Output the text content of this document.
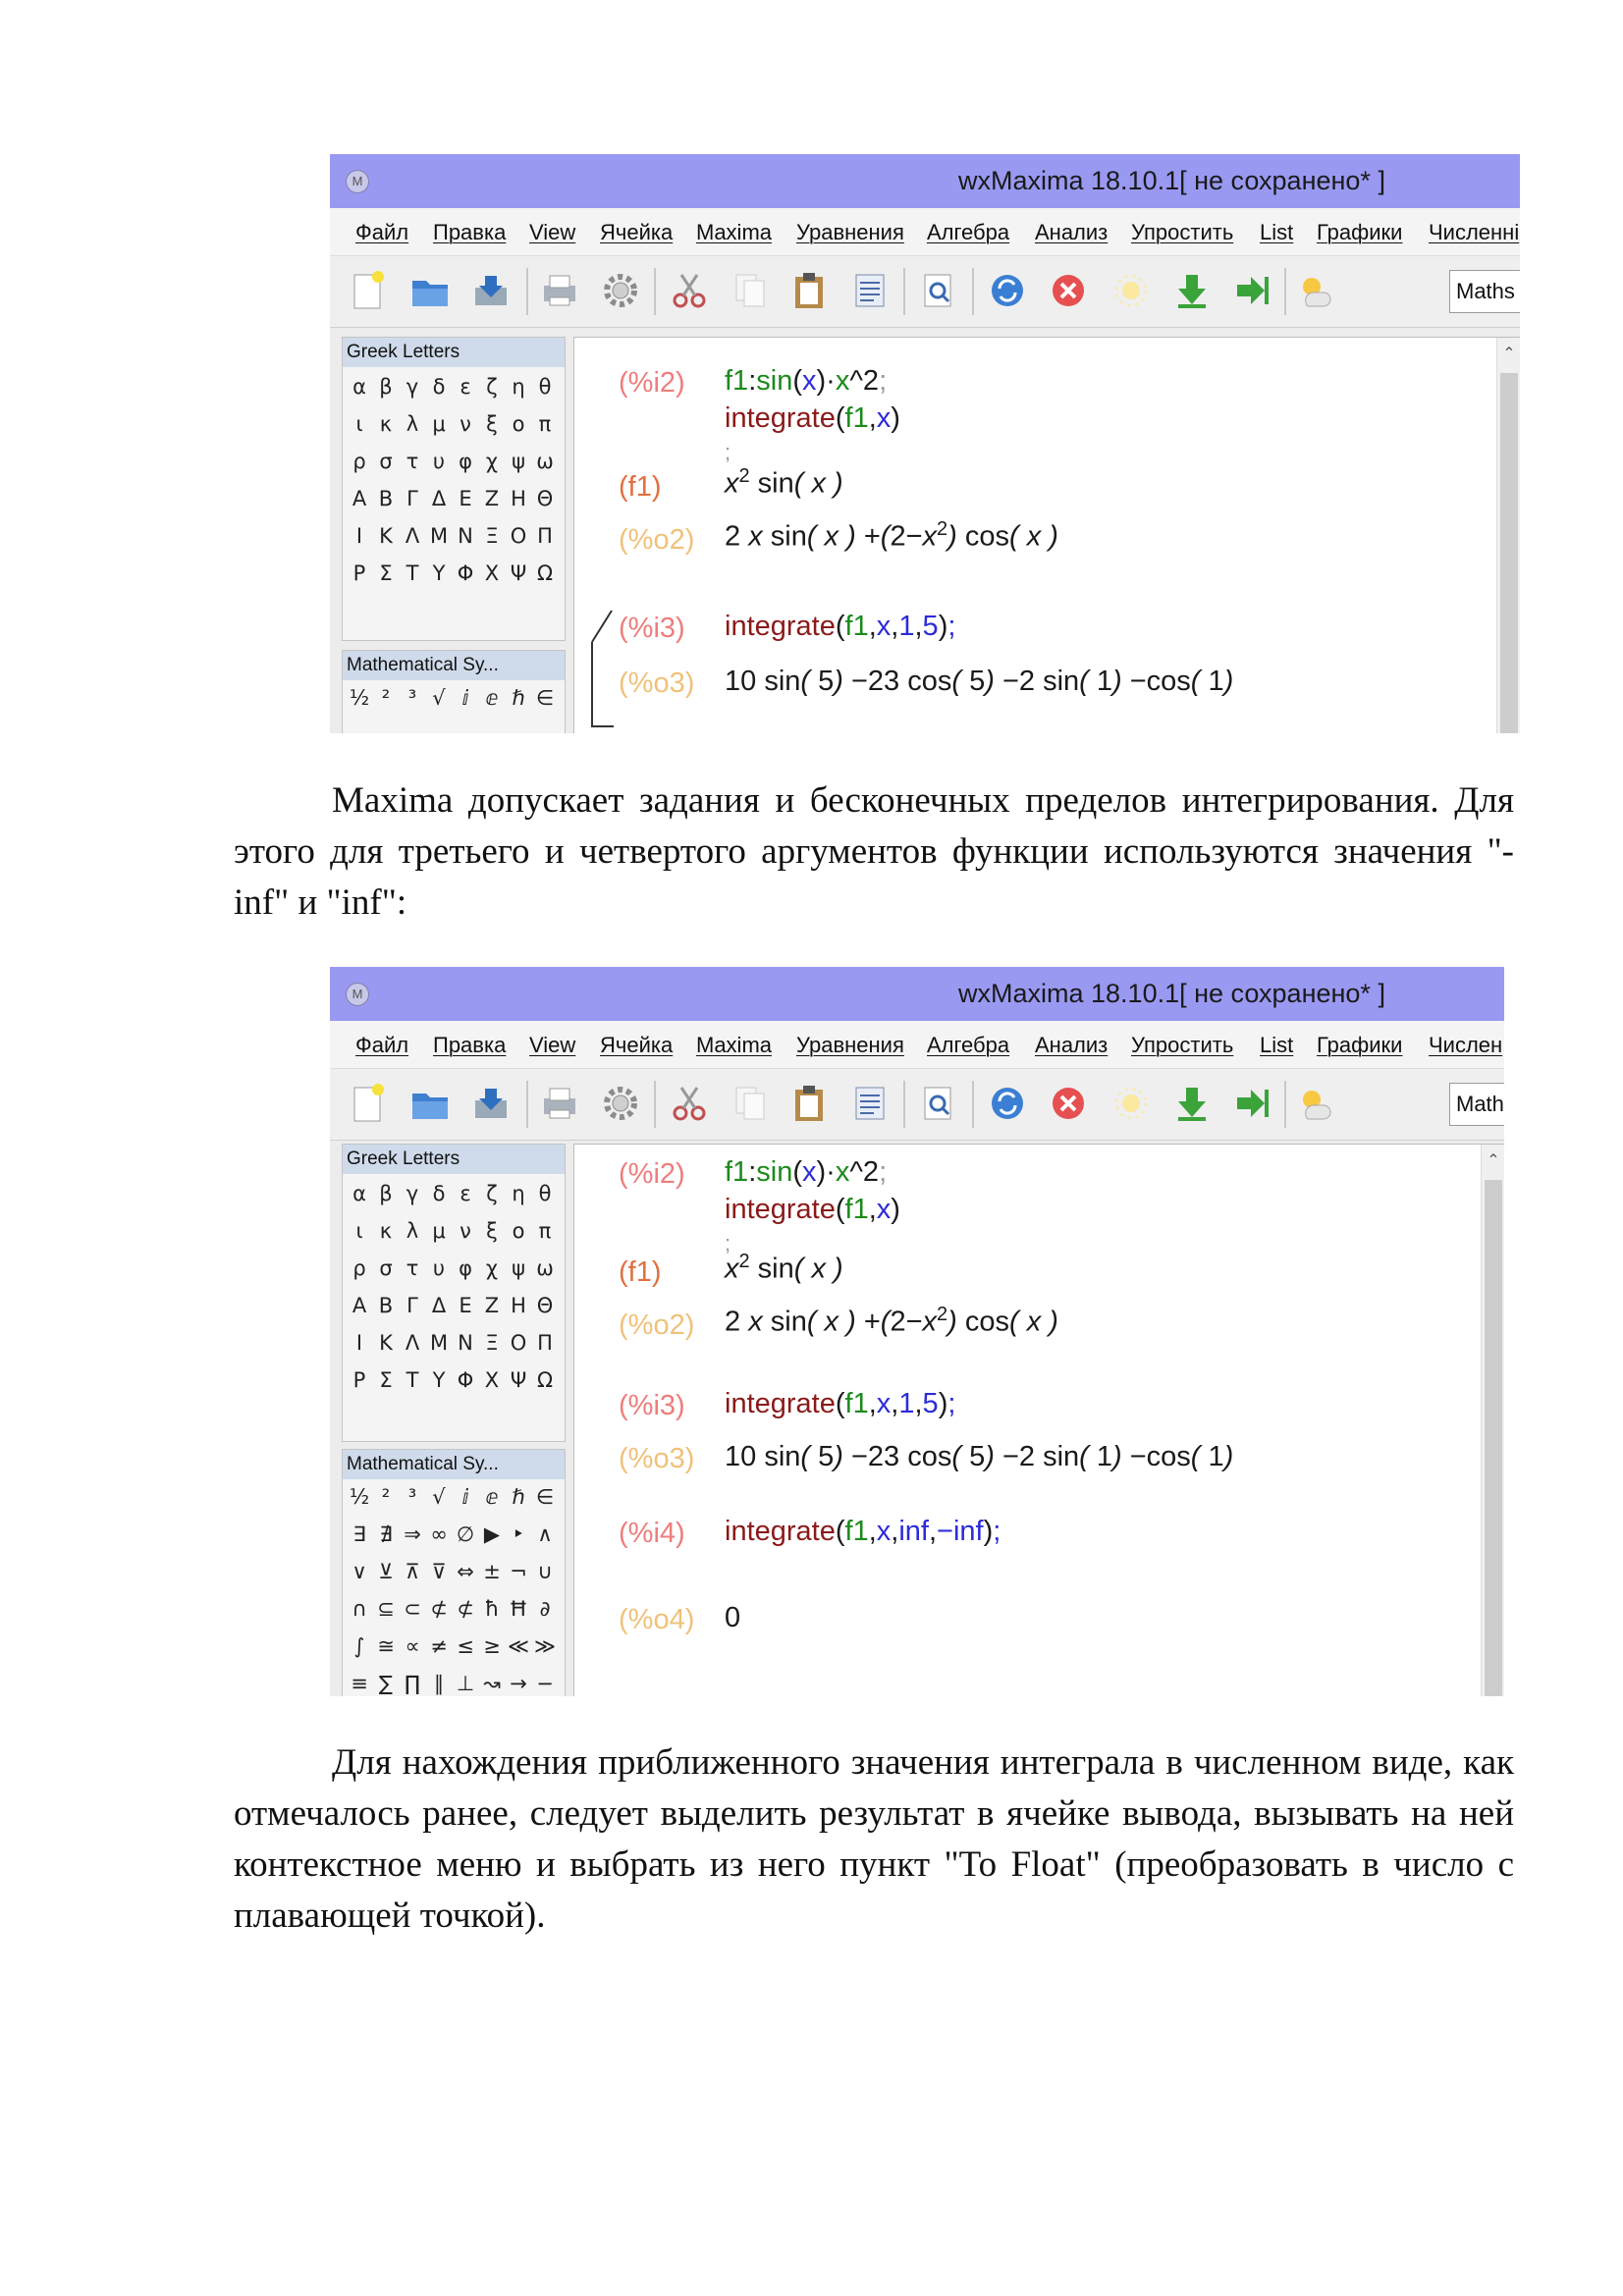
M	wxMaxima 18.10.1[ не сохранено* ]
Файл Правка View Ячейка Maxima Уравнения Алгебра Анализ Упростить List Графики Численні
Maths
Greek Letters
α β γ δ ε ζ η θ
ι κ λ μ ν ξ ο π
ρ σ τ υ φ χ ψ ω
Α Β Γ Δ Ε Ζ Η Θ
Ι Κ Λ Μ Ν Ξ Ο Π
Ρ Σ Τ Υ Φ Χ Ψ Ω
Mathematical Sy...
½ ² ³ √ ⅈ ⅇ ℏ ∈
⌃
(%i2) f1:sin(x)·x^2;
integrate(f1,x)
;
(f1) $x^2$ sin( x )
(%o2) 2 x sin( x ) $+(2-x^2)$ cos( x )
(%i3) integrate(f1,x,1,5);
(%o3) 10 sin( 5) −23 cos( 5) −2 sin( 1) −cos( 1)
Maxima допускает задания и бесконечных пределов интегрирования. Для этого для третьего и четвертого аргументов функции используются значения "-inf" и "inf":
M	wxMaxima 18.10.1[ не сохранено* ]
Файл Правка View Ячейка Maxima Уравнения Алгебра Анализ Упростить List Графики Числен
Math
Greek Letters
α β γ δ ε ζ η θ
ι κ λ μ ν ξ ο π
ρ σ τ υ φ χ ψ ω
Α Β Γ Δ Ε Ζ Η Θ
Ι Κ Λ Μ Ν Ξ Ο Π
Ρ Σ Τ Υ Φ Χ Ψ Ω
Mathematical Sy...
½ ² ³ √ ⅈ ⅇ ℏ ∈
∃ ∄ ⇒ ∞ ∅ ▶ ‣ ∧
∨ ⊻ ⊼ ⊽ ⇔ ± ¬ ∪
∩ ⊆ ⊂ ⊄ ⊄ ħ Ħ ∂
∫ ≅ ∝ ≠ ≤ ≥ ≪ ≫
≡ ∑ ∏ ∥ ⊥ ↝ → −
⌃
(%i2) f1:sin(x)·x^2;
integrate(f1,x)
;
(f1) $x^2$ sin( x )
(%o2) 2 x sin( x ) $+(2-x^2)$ cos( x )
(%i3) integrate(f1,x,1,5);
(%o3) 10 sin( 5) −23 cos( 5) −2 sin( 1) −cos( 1)
(%i4) integrate(f1,x,inf,−inf);
(%o4) 0
Для нахождения приближенного значения интеграла в численном виде, как отмечалось ранее, следует выделить результат в ячейке вывода, вызывать на ней контекстное меню и выбрать из него пункт "To Float" (преобразовать в число с плавающей точкой).
